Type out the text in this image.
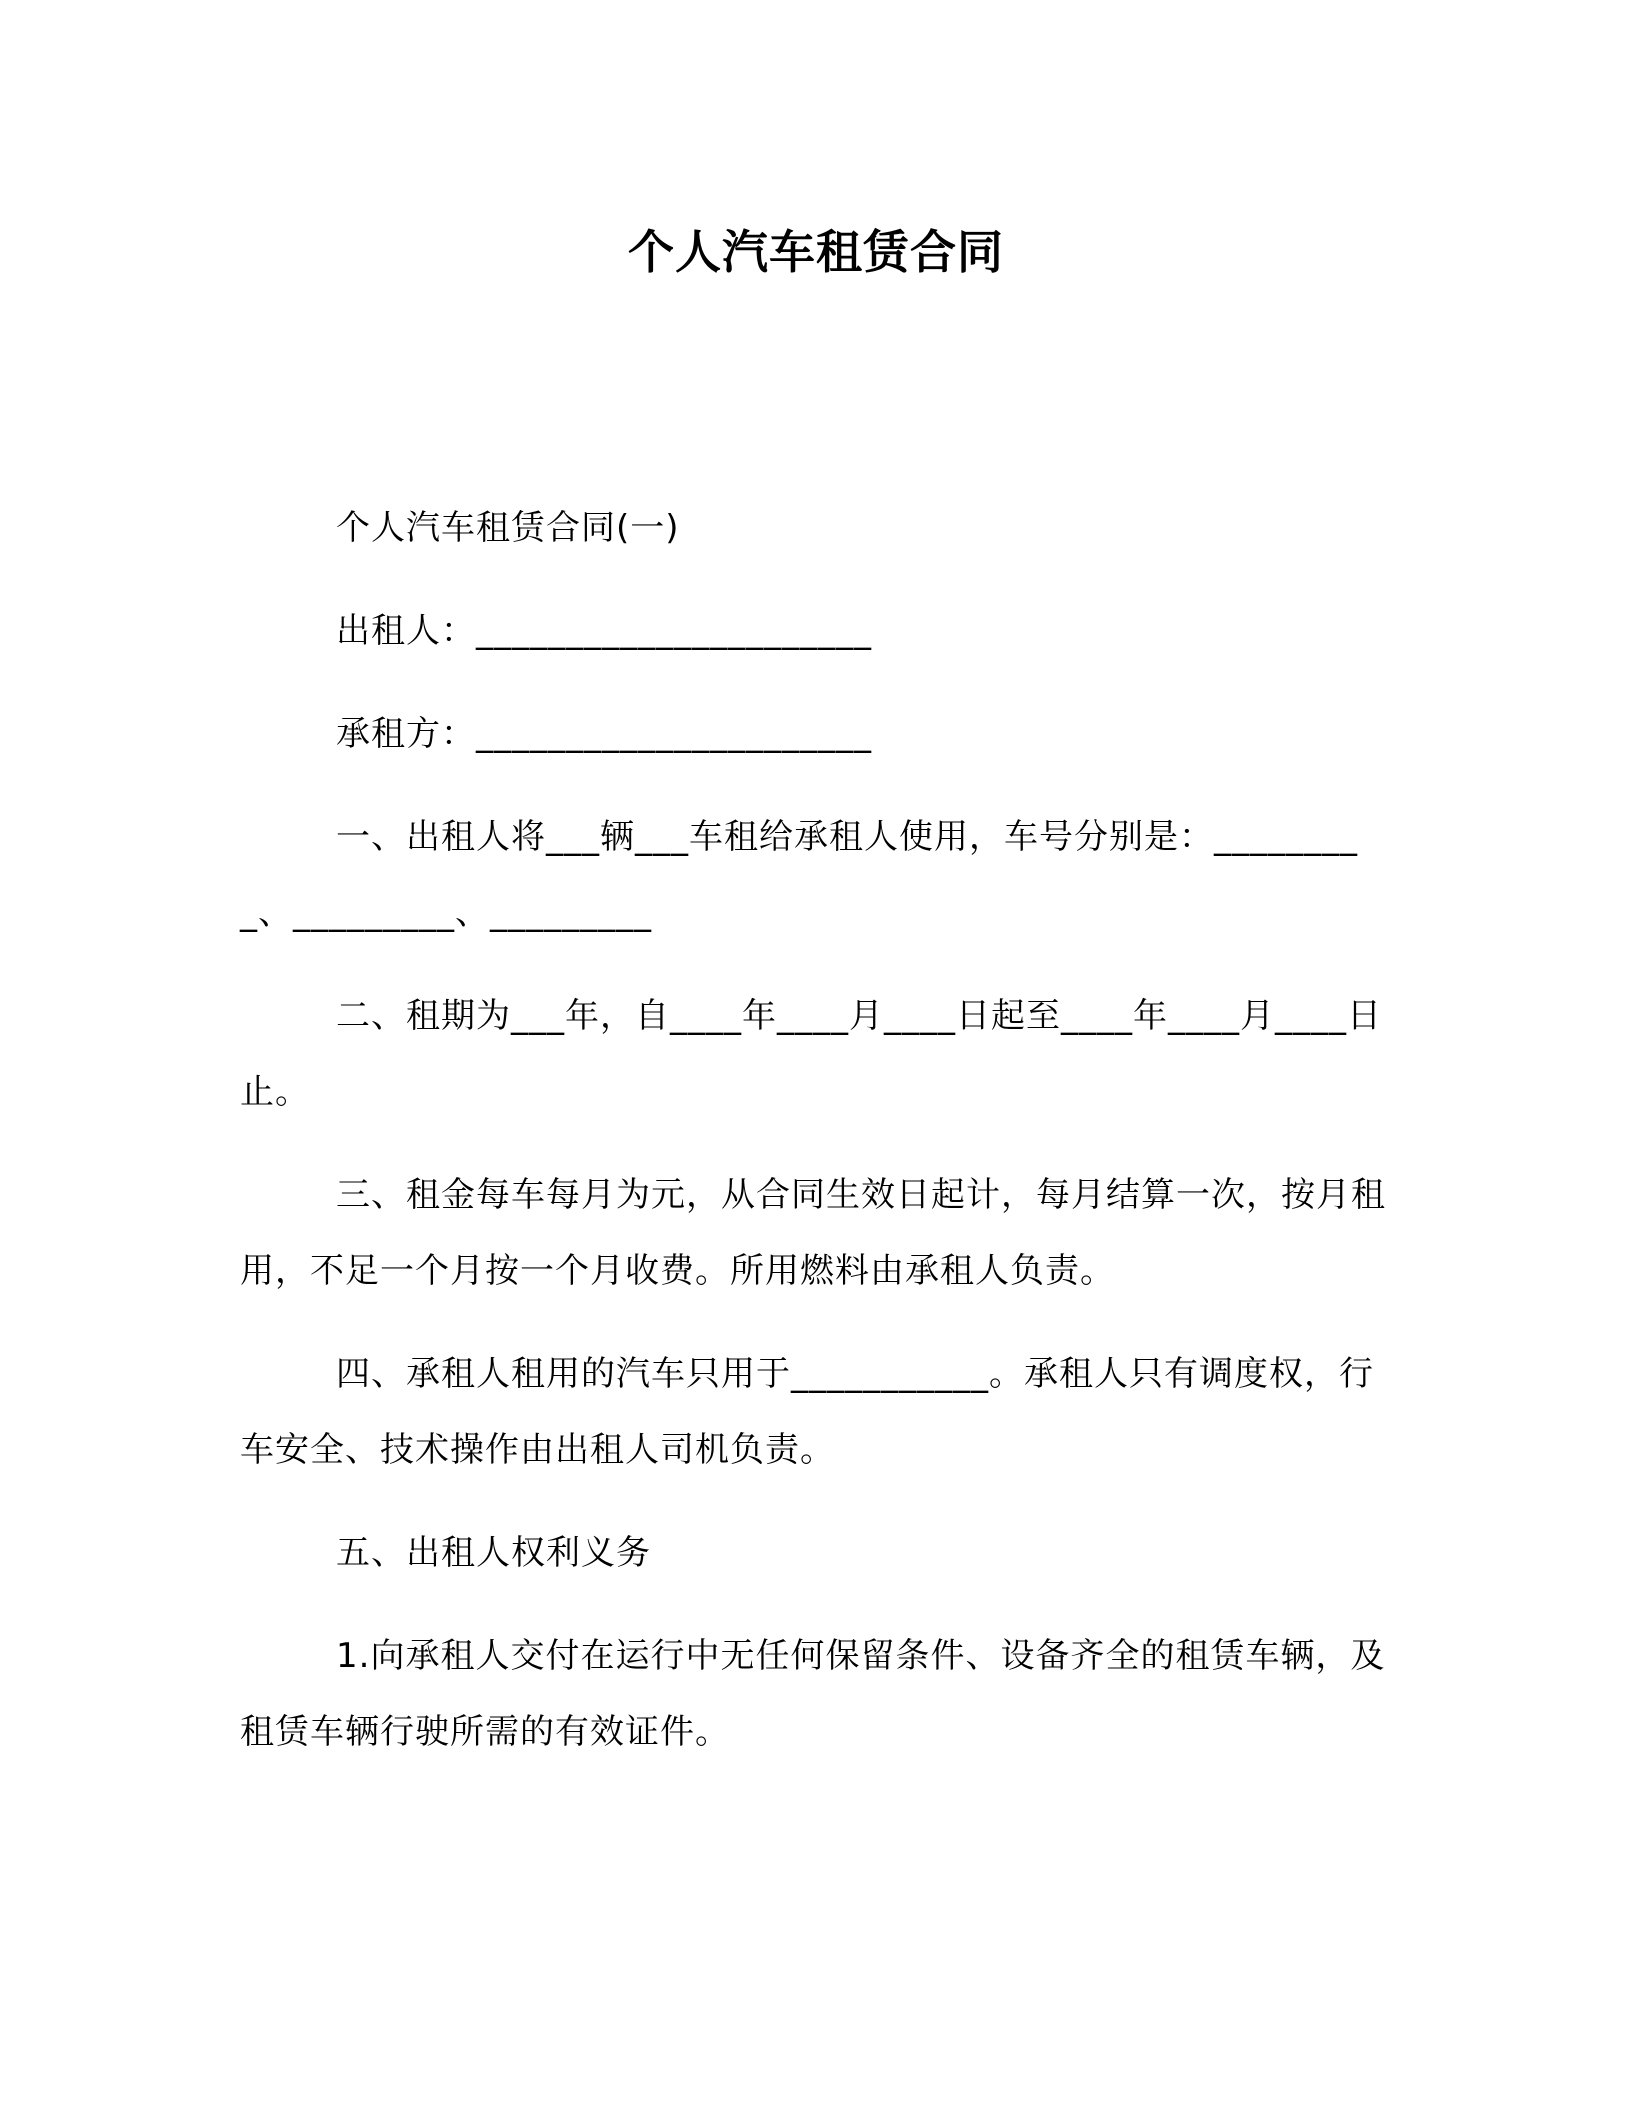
个人汽车租赁合同

个人汽车租赁合同(一)

出租人：______________________

承租方：______________________

一、出租人将___辆___车租给承租人使用，车号分别是：_________、_________、_________

二、租期为___年，自____年____月____日起至____年____月____日止。

三、租金每车每月为元，从合同生效日起计，每月结算一次，按月租用，不足一个月按一个月收费。所用燃料由承租人负责。

四、承租人租用的汽车只用于___________。承租人只有调度权，行车安全、技术操作由出租人司机负责。

五、出租人权利义务

1.向承租人交付在运行中无任何保留条件、设备齐全的租赁车辆，及租赁车辆行驶所需的有效证件。
